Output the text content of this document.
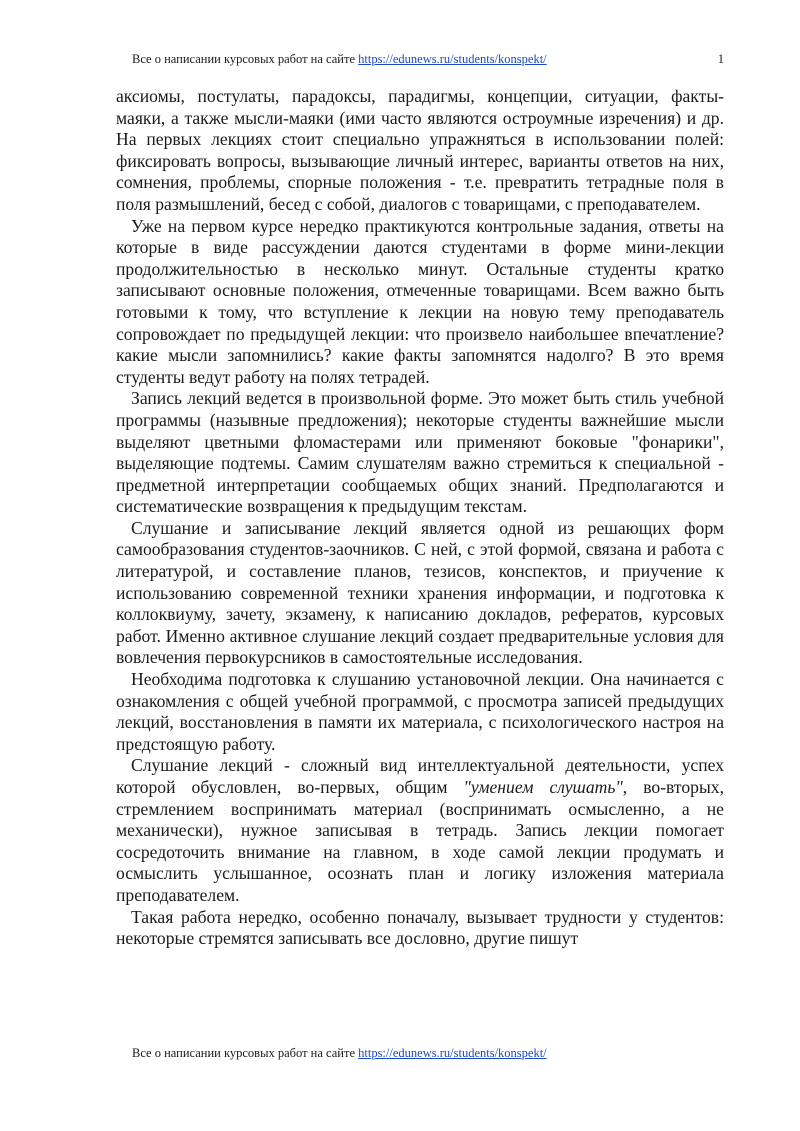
Все о написании курсовых работ на сайте https://edunews.ru/students/konspekt/	1

аксиомы, постулаты, парадоксы, парадигмы, концепции, ситуации, факты-маяки, а также мысли-маяки (ими часто являются остроумные изречения) и др. На первых лекциях стоит специально упражняться в использовании полей: фиксировать вопросы, вызывающие личный интерес, варианты ответов на них, сомнения, проблемы, спорные положения - т.е. превратить тетрадные поля в поля размышлений, бесед с собой, диалогов с товарищами, с преподавателем.

Уже на первом курсе нередко практикуются контрольные задания, ответы на которые в виде рассуждении даются студентами в форме мини-лекции продолжительностью в несколько минут. Остальные студенты кратко записывают основные положения, отмеченные товарищами. Всем важно быть готовыми к тому, что вступление к лекции на новую тему преподаватель сопровождает по предыдущей лекции: что произвело наибольшее впечатление? какие мысли запомнились? какие факты запомнятся надолго? В это время студенты ведут работу на полях тетрадей.

Запись лекций ведется в произвольной форме. Это может быть стиль учебной программы (назывные предложения); некоторые студенты важнейшие мысли выделяют цветными фломастерами или применяют боковые "фонарики", выделяющие подтемы. Самим слушателям важно стремиться к специальной - предметной интерпретации сообщаемых общих знаний. Предполагаются и систематические возвращения к предыдущим текстам.

Слушание и записывание лекций является одной из решающих форм самообразования студентов-заочников. С ней, с этой формой, связана и работа с литературой, и составление планов, тезисов, конспектов, и приучение к использованию современной техники хранения информации, и подготовка к коллоквиуму, зачету, экзамену, к написанию докладов, рефератов, курсовых работ. Именно активное слушание лекций создает предварительные условия для вовлечения первокурсников в самостоятельные исследования.

Необходима подготовка к слушанию установочной лекции. Она начинается с ознакомления с общей учебной программой, с просмотра записей предыдущих лекций, восстановления в памяти их материала, с психологического настроя на предстоящую работу.

Слушание лекций - сложный вид интеллектуальной деятельности, успех которой обусловлен, во-первых, общим "умением слушать", во-вторых, стремлением воспринимать материал (воспринимать осмысленно, а не механически), нужное записывая в тетрадь. Запись лекции помогает сосредоточить внимание на главном, в ходе самой лекции продумать и осмыслить услышанное, осознать план и логику изложения материала преподавателем.

Такая работа нередко, особенно поначалу, вызывает трудности у студентов: некоторые стремятся записывать все дословно, другие пишут

Все о написании курсовых работ на сайте https://edunews.ru/students/konspekt/
